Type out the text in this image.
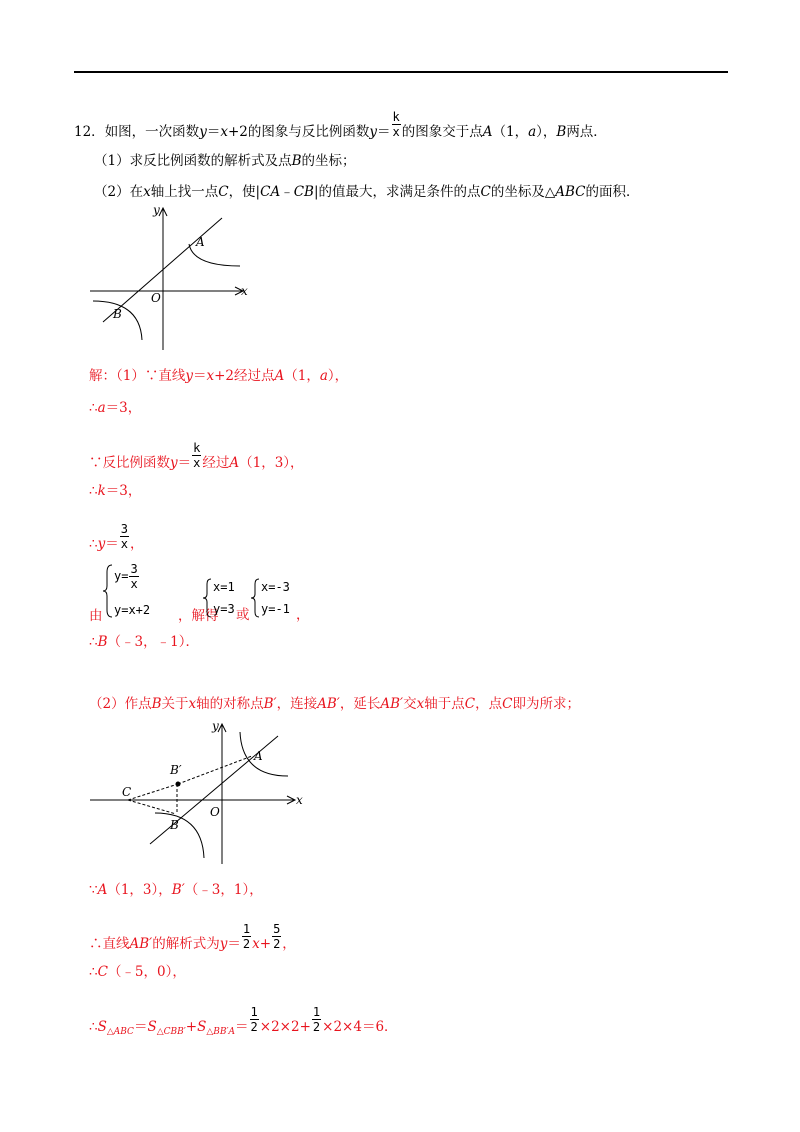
12．如图，一次函数y＝x+2的图象与反比例函数$y= \frac{k}{x}$ 的图象交于点A（1，a），B两点．
（1）求反比例函数的解析式及点B的坐标；
（2）在x轴上找一点C，使|CA﹣CB|的值最大，求满足条件的点C的坐标及△ABC的面积．
y
x
O
A
B
解：（1）∵直线y＝x+2经过点A（1，a），
∴a＝3，
∵反比例函数$y= \frac{k}{x}$ 经过A（1，3），
∴k＝3，
∴y＝ $\frac{3}{x}$ ，
由
$y= \frac{3}{x}$
y=x+2 ，解得
x=1
y=3 或
x=-3
y=-1 ，
∴B（﹣3，﹣1）．
（2）作点B关于x轴的对称点B′，连接AB′，延长AB′交x轴于点C，点C即为所求；
y
x
O
A
B
B′
C
∵A（1，3），B′（﹣3，1），
∴直线AB′的解析式为$y= \frac{1}{2} x+ \frac{5}{2}$ ，
∴C（﹣5，0），
$\therefore S_{\triangle ABC}=S_{\triangle CBB'}+S_{\triangle BB'A}= \frac{1}{2} \times 2\times 2+ \frac{1}{2} \times 2\times 4=6$．
